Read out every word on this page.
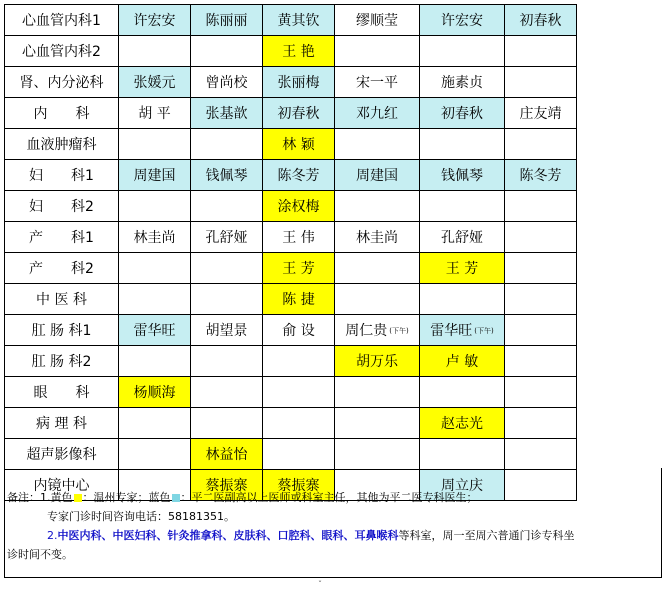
心血管内科1	许宏安	陈丽丽	黄其钦	缪顺莹	许宏安	初春秋
心血管内科2			王 艳			
肾、内分泌科	张媛元	曾尚校	张丽梅	宋一平	施素贞	
内　　科	胡 平	张基歆	初春秋	邓九红	初春秋	庄友靖
血液肿瘤科			林 颖			
妇　　科1	周建国	钱佩琴	陈冬芳	周建国	钱佩琴	陈冬芳
妇　　科2			涂权梅			
产　　科1	林圭尚	孔舒娅	王 伟	林圭尚	孔舒娅	
产　　科2			王 芳		王 芳	
中 医 科			陈 捷			
肛 肠 科1	雷华旺	胡望景	俞 设	周仁贵 (下午)	雷华旺 (下午)	
肛 肠 科2				胡万乐	卢 敏	
眼　　科	杨顺海					
病 理 科					赵志光	
超声影像科		林益怡				
内镜中心		蔡振寨	蔡振寨		周立庆	
备注：1.黄色 ：温州专家；蓝色 ：平二医副高以上医师或科室主任，其他为平二医专科医生；
专家门诊时间咨询电话：58181351。
2.中医内科、中医妇科、针灸推拿科、皮肤科、口腔科、眼科、耳鼻喉科等科室，周一至周六普通门诊专科坐
诊时间不变。
ˇ
